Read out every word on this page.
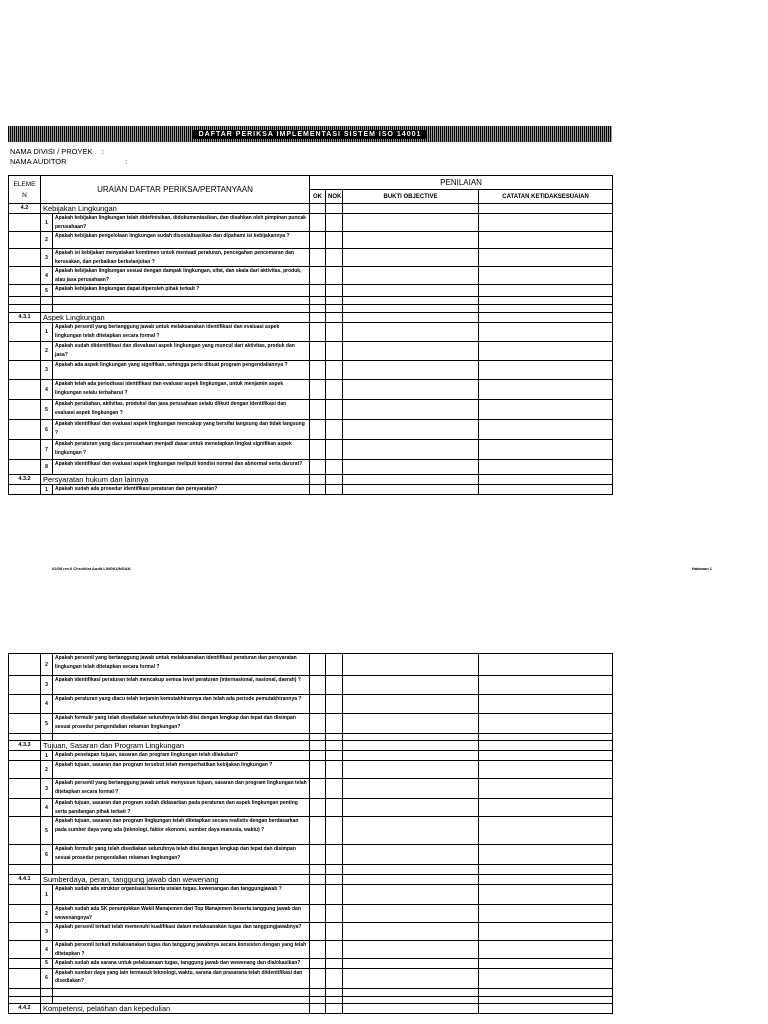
DAFTAR PERIKSA IMPLEMENTASI SISTEM ISO 14001
NAMA DIVISI / PROYEK :
NAMA AUDITOR	:
ELEME
N	URAIAN DAFTAR PERIKSA/PERTANYAAN		PENILAIAN			
			OK	NOK	BUKTI OBJECTIVE	CATATAN KETIDAKSESUAIAN
4.2	Kebijakan Lingkungan					
	1	Apakah kebijakan lingkungan telah didefinisikan, didokumentasikan, dan disahkan oleh pimpinan puncak perusahaan?				
	2	Apakah kebijakan pengelolaan lingkungan sudah disosialisasikan dan dipahami isi kebijakannya ?				
	3	Apakah isi kebijakan menyatakan komitmen untuk mentaati peraturan, pencegahan pencemaran dan kerusakan, dan perbaikan berkelanjutan ?				
	4	Apakah kebijakan lingkungan sesuai dengan dampak lingkungan, sifat, dan skala dari aktivitas, produk, atau jasa perusahaan?				
	5	Apakah kebijakan lingkungan dapat diperoleh pihak terkait ?				

4.3.1	Aspek Lingkungan					
	1	Apakah personil yang bertanggung jawab untuk melaksanakan identifikasi dan evaluasi aspek lingkungan telah ditetapkan secara formal ?				
	2	Apakah sudah diidentifikasi dan dievaluasi aspek lingkungan yang muncul dari aktivitas, produk dan jasa?				
	3	Apakah ada aspek lingkungan yang signifikan, sehingga perlu dibuat program pengendaliannya ?				
	4	Apakah telah ada periodisasi identifikasi dan evaluasi aspek lingkungan, untuk menjamin aspek lingkungan selalu terbaharui ?				
	5	Apakah perubahan, aktivitas, produksi dan jasa perusahaan selalu diikuti dengan identifikasi dan evaluasi aspek lingkungan ?				
	6	Apakah identifikasi dan evaluasi aspek lingkungan mencakup yang bersifat langsung dan tidak langsung ?				
	7	Apakah peraturan yang dacu perusahaan menjadi dasar untuk menetapkan tingkat signifikan aspek lingkungan ?				
	8	Apakah identifikasi dan evaluasi aspek lingkungan meliputi kondisi normal dan abnormal serta darurat?				
4.3.2	Persyaratan hukum dan lainnya					
	1	Apakah sudah ada prosedur identifikasi peraturan dan persyaratan?				
02/08 rev.0 Checklist Audit LINGKUNGAN	Halaman 1
	2	Apakah personil yang bertanggung jawab untuk melaksanakan identifikasi peraturan dan persyaratan lingkungan telah ditetapkan secara formal ?				
	3	Apakah identifikasi peraturan telah mencakup semua level peraturan (internasional, nasional, daerah) ?				
	4	Apakah peraturan yang diacu telah terjamin kemutakhirannya dan telah ada periode pemutakhirannya ?				
	5	Apakah formulir yang telah disediakan seluruhnya telah diisi dengan lengkap dan tepat dan disimpan sesuai prosedur pengendalian rekaman lingkungan?				

4.3.3	Tujuan, Sasaran dan Program Lingkungan					
	1	Apakah penetapan tujuan, sasaran dan program lingkungan telah dilakukan?				
	2	Apakah tujuan, sasaran dan program tersebut telah memperhatikan kebijakan lingkungan ?				
	3	Apakah personil yang bertanggung jawab untuk menyusun tujuan, sasaran dan program lingkungan telah ditetapkan secara formal ?				
	4	Apakah tujuan, sasaran dan program sudah didasarkan pada peraturan dan aspek lingkungan penting serta pandangan pihak terkait ?				
	5	Apakah tujuan, sasaran dan program lingkungan telah ditetapkan secara realistis dengan berdasarkan pada sumber daya yang ada (teknologi, faktor ekonomi, sumber daya manusia, waktu) ?				
	6	Apakah formulir yang telah disediakan seluruhnya telah diisi dengan lengkap dan tepat dan disimpan sesuai prosedur pengendalian rekaman lingkungan?				

4.4.1	Sumberdaya, peran, tanggung jawab dan wewenang					
	1	Apakah sudah ada struktur organisasi beserta uraian tugas, kewenangan dan tanggungjawab ?				
	2	Apakah sudah ada SK penunjukkan Wakil Manajemen dari Top Manajemen beserta tanggung jawab dan wewenangnya?				
	3	Apakah personil terkait telah memenuhi kualifikasi dalam melaksanakan tugas dan tanggungjawabnya?				
	4	Apakah personil terkait melaksanakan tugas dan tanggung jawabnya secara konsisten dengan yang telah ditetapkan ?				
	5	Apakah sudah ada sarana untuk pelaksanaan tugas, tanggung jawab dan wewenang dan dialokasikan?				
	6	Apakah sumber daya yang lain termasuk teknologi, waktu, sarana dan prasarana telah diidentifikasi dan disediakan?				

4.4.2	Kompetensi, pelatihan dan kepedulian					
